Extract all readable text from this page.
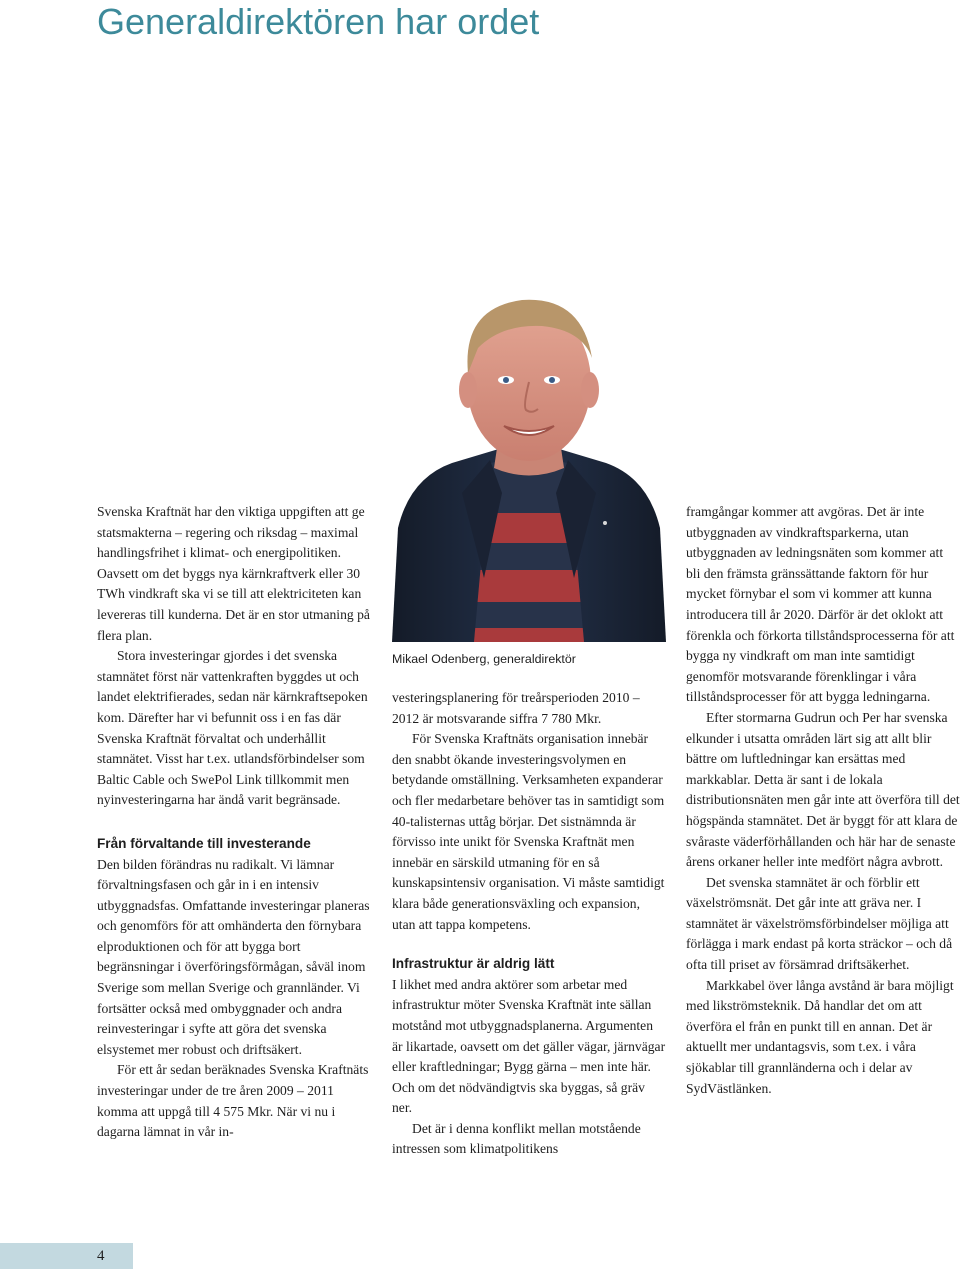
Generaldirektören har ordet

Svenska Kraftnät har den viktiga uppgiften att ge statsmakterna – regering och riksdag – maximal handlingsfrihet i klimat- och energipolitiken. Oavsett om det byggs nya kärnkraftverk eller 30 TWh vindkraft ska vi se till att elektriciteten kan levereras till kunderna. Det är en stor utmaning på flera plan.

Stora investeringar gjordes i det svenska stamnätet först när vattenkraften byggdes ut och landet elektrifierades, sedan när kärnkraftsepoken kom. Därefter har vi befunnit oss i en fas där Svenska Kraftnät förvaltat och underhållit stamnätet. Visst har t.ex. utlandsförbindelser som Baltic Cable och SwePol Link tillkommit men nyinvesteringarna har ändå varit begränsade.

Från förvaltande till investerande

Den bilden förändras nu radikalt. Vi lämnar förvaltningsfasen och går in i en intensiv utbyggnadsfas. Omfattande investeringar planeras och genomförs för att omhänderta den förnybara elproduktionen och för att bygga bort begränsningar i överföringsförmågan, såväl inom Sverige som mellan Sverige och grannländer. Vi fortsätter också med ombyggnader och andra reinvesteringar i syfte att göra det svenska elsystemet mer robust och driftsäkert.

För ett år sedan beräknades Svenska Kraftnäts investeringar under de tre åren 2009 – 2011 komma att uppgå till 4 575 Mkr. När vi nu i dagarna lämnat in vår in-

Mikael Odenberg, generaldirektör

vesteringsplanering för treårsperioden 2010 – 2012 är motsvarande siffra 7 780 Mkr.

För Svenska Kraftnäts organisation innebär den snabbt ökande investeringsvolymen en betydande omställning. Verksamheten expanderar och fler medarbetare behöver tas in samtidigt som 40-talisternas uttåg börjar. Det sistnämnda är förvisso inte unikt för Svenska Kraftnät men innebär en särskild utmaning för en så kunskapsintensiv organisation. Vi måste samtidigt klara både generationsväxling och expansion, utan att tappa kompetens.

Infrastruktur är aldrig lätt

I likhet med andra aktörer som arbetar med infrastruktur möter Svenska Kraftnät inte sällan motstånd mot utbyggnadsplanerna. Argumenten är likartade, oavsett om det gäller vägar, järnvägar eller kraftledningar; Bygg gärna – men inte här. Och om det nödvändigtvis ska byggas, så gräv ner.

Det är i denna konflikt mellan motstående intressen som klimatpolitikens

framgångar kommer att avgöras. Det är inte utbyggnaden av vindkraftsparkerna, utan utbyggnaden av ledningsnäten som kommer att bli den främsta gränssättande faktorn för hur mycket förnybar el som vi kommer att kunna introducera till år 2020. Därför är det oklokt att förenkla och förkorta tillståndsprocesserna för att bygga ny vindkraft om man inte samtidigt genomför motsvarande förenklingar i våra tillståndsprocesser för att bygga ledningarna.

Efter stormarna Gudrun och Per har svenska elkunder i utsatta områden lärt sig att allt blir bättre om luftledningar kan ersättas med markkablar. Detta är sant i de lokala distributionsnäten men går inte att överföra till det högspända stamnätet. Det är byggt för att klara de svåraste väderförhållanden och här har de senaste årens orkaner heller inte medfört några avbrott.

Det svenska stamnätet är och förblir ett växelströmsnät. Det går inte att gräva ner. I stamnätet är växelströmsförbindelser möjliga att förlägga i mark endast på korta sträckor – och då ofta till priset av försämrad driftsäkerhet.

Markkabel över långa avstånd är bara möjligt med likströmsteknik. Då handlar det om att överföra el från en punkt till en annan. Det är aktuellt mer undantagsvis, som t.ex. i våra sjökablar till grannländerna och i delar av SydVästlänken.

4
